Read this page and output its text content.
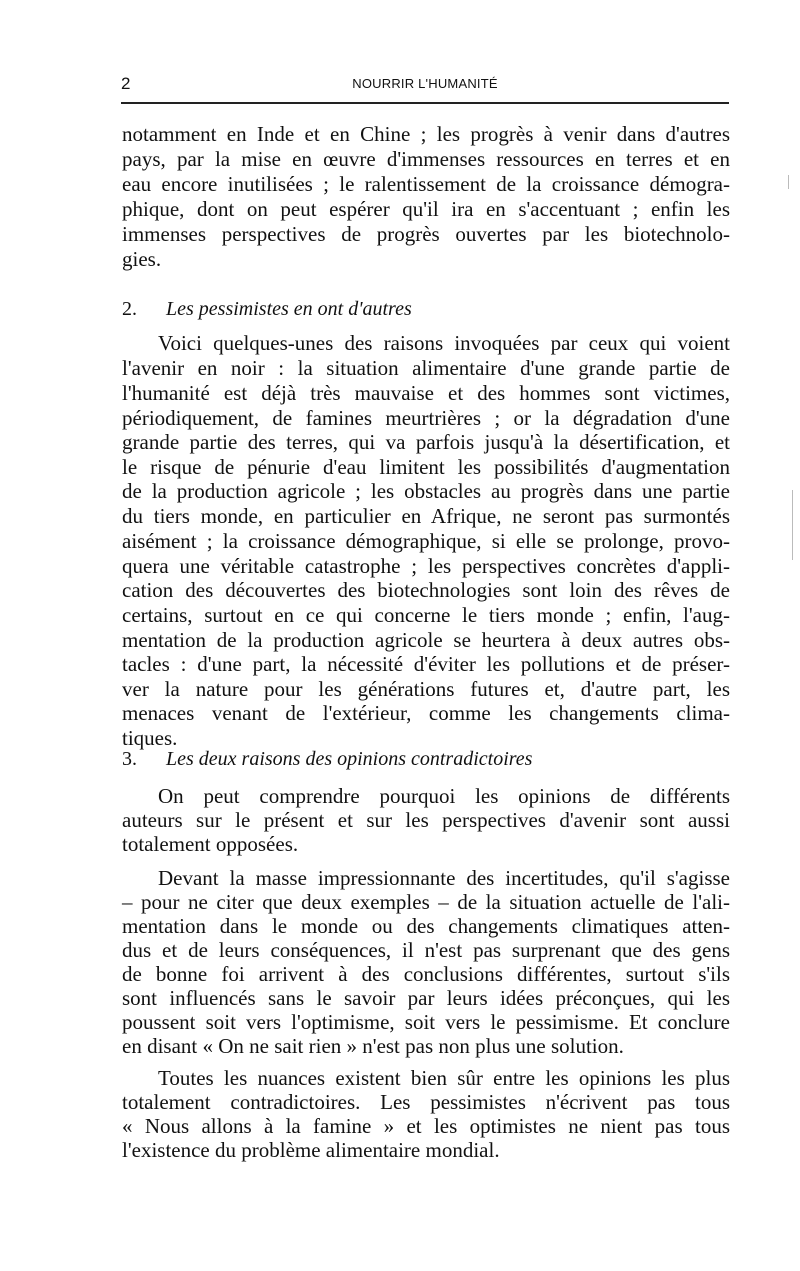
2	NOURRIR L'HUMANITÉ
notamment en Inde et en Chine ; les progrès à venir dans d'autres
pays, par la mise en œuvre d'immenses ressources en terres et en
eau encore inutilisées ; le ralentissement de la croissance démogra-
phique, dont on peut espérer qu'il ira en s'accentuant ; enfin les
immenses perspectives de progrès ouvertes par les biotechnolo-
gies.
2. Les pessimistes en ont d'autres
Voici quelques-unes des raisons invoquées par ceux qui voient
l'avenir en noir : la situation alimentaire d'une grande partie de
l'humanité est déjà très mauvaise et des hommes sont victimes,
périodiquement, de famines meurtrières ; or la dégradation d'une
grande partie des terres, qui va parfois jusqu'à la désertification, et
le risque de pénurie d'eau limitent les possibilités d'augmentation
de la production agricole ; les obstacles au progrès dans une partie
du tiers monde, en particulier en Afrique, ne seront pas surmontés
aisément ; la croissance démographique, si elle se prolonge, provo-
quera une véritable catastrophe ; les perspectives concrètes d'appli-
cation des découvertes des biotechnologies sont loin des rêves de
certains, surtout en ce qui concerne le tiers monde ; enfin, l'aug-
mentation de la production agricole se heurtera à deux autres obs-
tacles : d'une part, la nécessité d'éviter les pollutions et de préser-
ver la nature pour les générations futures et, d'autre part, les
menaces venant de l'extérieur, comme les changements clima-
tiques.
3. Les deux raisons des opinions contradictoires
On peut comprendre pourquoi les opinions de différents
auteurs sur le présent et sur les perspectives d'avenir sont aussi
totalement opposées.
Devant la masse impressionnante des incertitudes, qu'il s'agisse
– pour ne citer que deux exemples – de la situation actuelle de l'ali-
mentation dans le monde ou des changements climatiques atten-
dus et de leurs conséquences, il n'est pas surprenant que des gens
de bonne foi arrivent à des conclusions différentes, surtout s'ils
sont influencés sans le savoir par leurs idées préconçues, qui les
poussent soit vers l'optimisme, soit vers le pessimisme. Et conclure
en disant « On ne sait rien » n'est pas non plus une solution.
Toutes les nuances existent bien sûr entre les opinions les plus
totalement contradictoires. Les pessimistes n'écrivent pas tous
« Nous allons à la famine » et les optimistes ne nient pas tous
l'existence du problème alimentaire mondial.
